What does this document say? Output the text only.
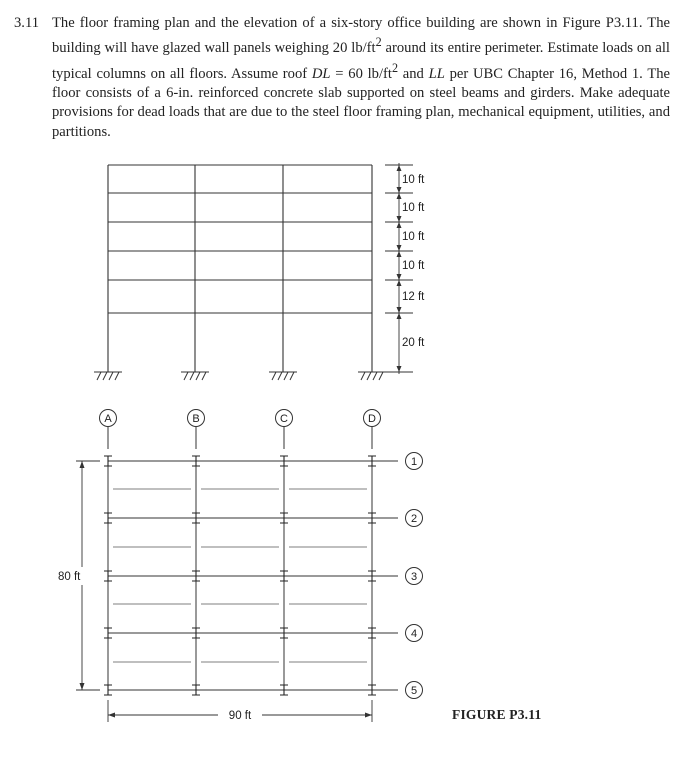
3.11 The floor framing plan and the elevation of a six-story office building are shown in Figure P3.11. The building will have glazed wall panels weighing 20 $lb/ft^2$ around its entire perimeter. Estimate loads on all typical columns on all floors. Assume roof DL = 60 $lb/ft^2$ and LL per UBC Chapter 16, Method 1. The floor consists of a 6-in. reinforced concrete slab supported on steel beams and girders. Make adequate provisions for dead loads that are due to the steel floor framing plan, mechanical equipment, utilities, and partitions.
10 ft
10 ft
10 ft
10 ft
12 ft
20 ft
A	B	C	D
1
2
3
4
5
80 ft
90 ft	FIGURE P3.11
